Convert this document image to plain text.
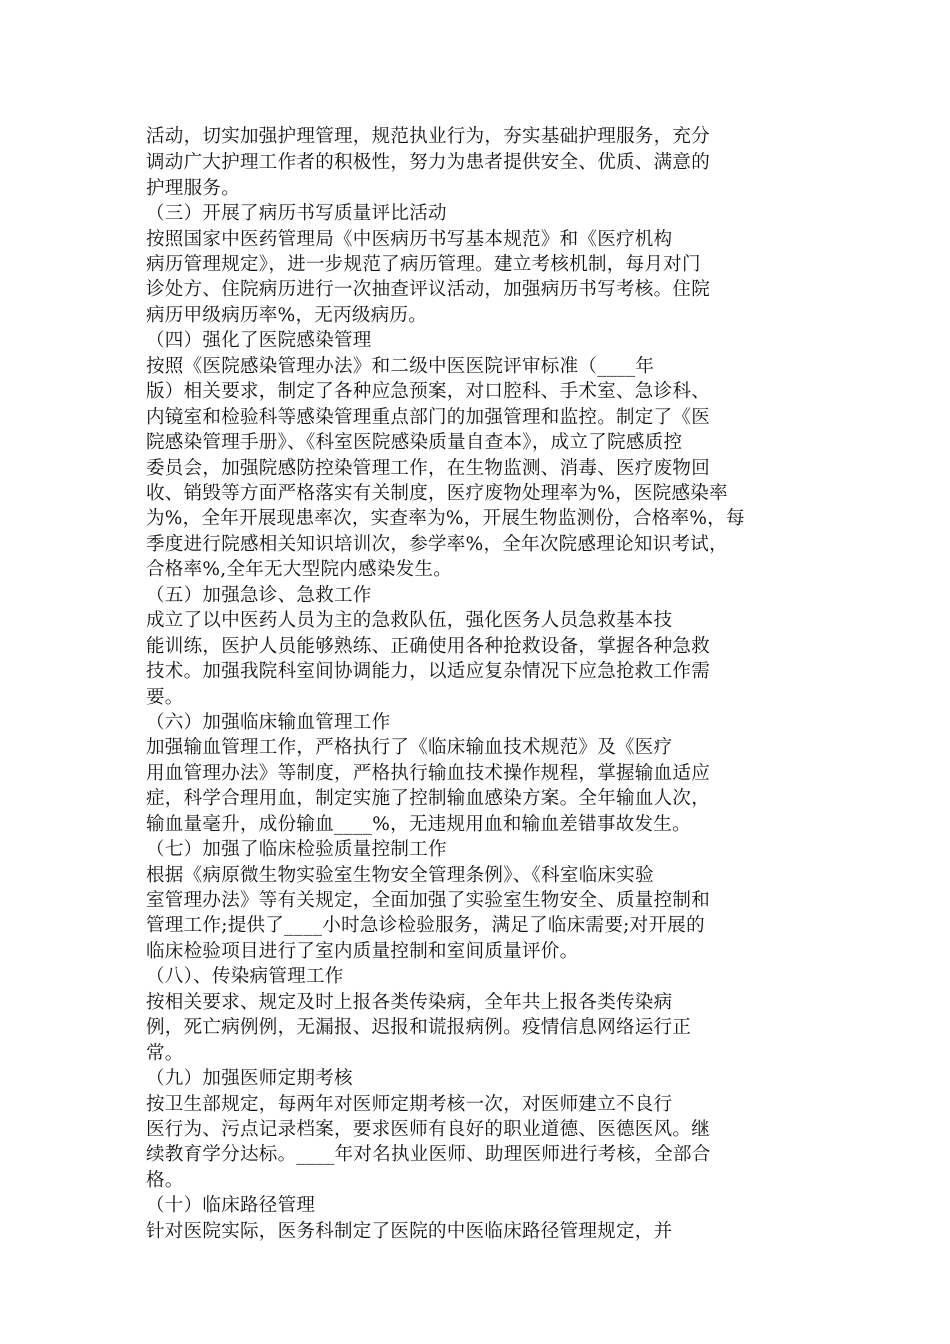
活动，切实加强护理管理，规范执业行为，夯实基础护理服务，充分
调动广大护理工作者的积极性，努力为患者提供安全、优质、满意的
护理服务。
（三）开展了病历书写质量评比活动
按照国家中医药管理局《中医病历书写基本规范》和《医疗机构
病历管理规定》，进一步规范了病历管理。建立考核机制，每月对门
诊处方、住院病历进行一次抽查评议活动，加强病历书写考核。住院
病历甲级病历率%，无丙级病历。
（四）强化了医院感染管理
按照《医院感染管理办法》和二级中医医院评审标准（____年
版）相关要求，制定了各种应急预案，对口腔科、手术室、急诊科、
内镜室和检验科等感染管理重点部门的加强管理和监控。制定了《医
院感染管理手册》、《科室医院感染质量自查本》，成立了院感质控
委员会，加强院感防控染管理工作，在生物监测、消毒、医疗废物回
收、销毁等方面严格落实有关制度，医疗废物处理率为%，医院感染率
为%，全年开展现患率次，实查率为%，开展生物监测份，合格率%，每
季度进行院感相关知识培训次，参学率%，全年次院感理论知识考试，
合格率%,全年无大型院内感染发生。
（五）加强急诊、急救工作
成立了以中医药人员为主的急救队伍，强化医务人员急救基本技
能训练，医护人员能够熟练、正确使用各种抢救设备，掌握各种急救
技术。加强我院科室间协调能力，以适应复杂情况下应急抢救工作需
要。
（六）加强临床输血管理工作
加强输血管理工作，严格执行了《临床输血技术规范》及《医疗
用血管理办法》等制度，严格执行输血技术操作规程，掌握输血适应
症，科学合理用血，制定实施了控制输血感染方案。全年输血人次，
输血量毫升，成份输血____%，无违规用血和输血差错事故发生。
（七）加强了临床检验质量控制工作
根据《病原微生物实验室生物安全管理条例》、《科室临床实验
室管理办法》等有关规定，全面加强了实验室生物安全、质量控制和
管理工作;提供了____小时急诊检验服务，满足了临床需要;对开展的
临床检验项目进行了室内质量控制和室间质量评价。
（八）、传染病管理工作
按相关要求、规定及时上报各类传染病，全年共上报各类传染病
例，死亡病例例，无漏报、迟报和谎报病例。疫情信息网络运行正
常。
（九）加强医师定期考核
按卫生部规定，每两年对医师定期考核一次，对医师建立不良行
医行为、污点记录档案，要求医师有良好的职业道德、医德医风。继
续教育学分达标。____年对名执业医师、助理医师进行考核，全部合
格。
（十）临床路径管理
针对医院实际，医务科制定了医院的中医临床路径管理规定，并
